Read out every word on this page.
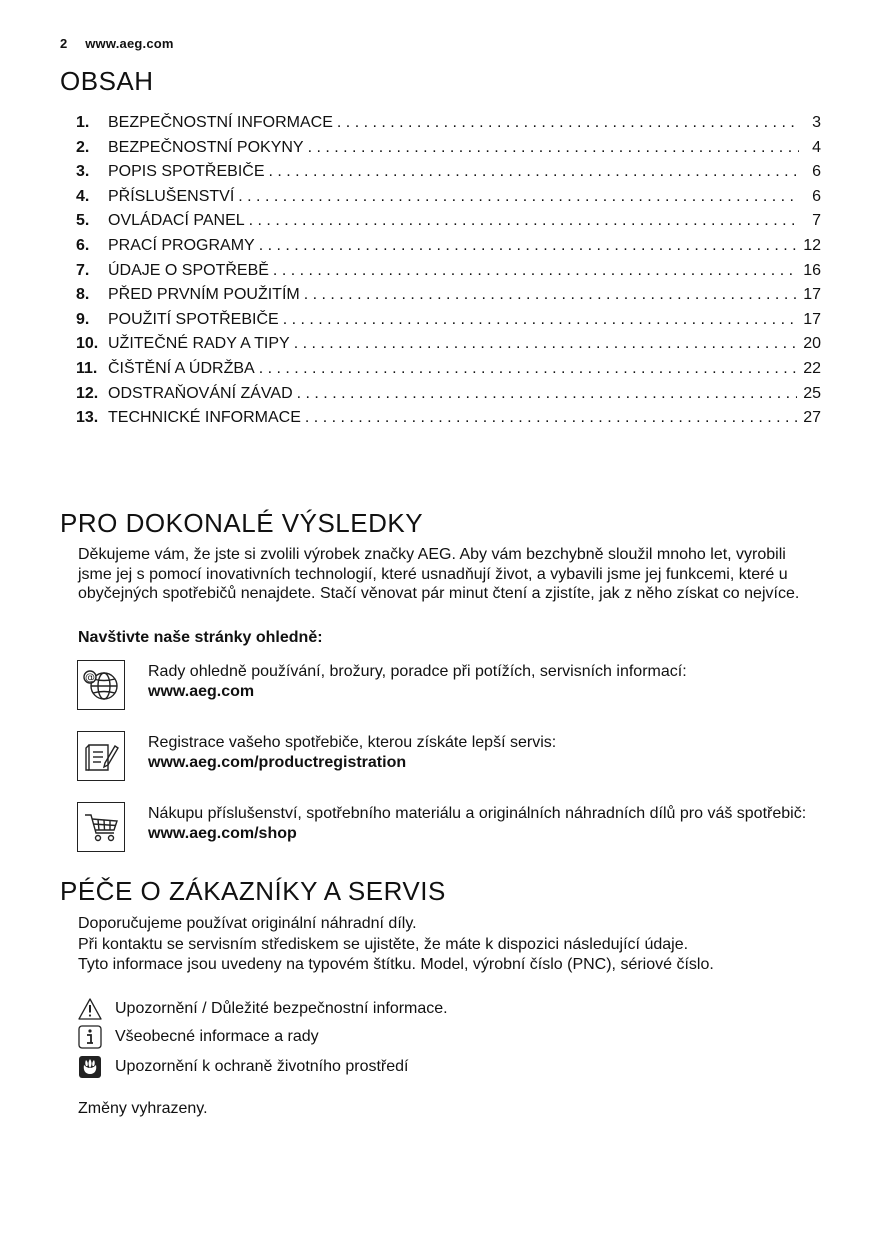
2 www.aeg.com
OBSAH
1.	BEZPEČNOSTNÍ INFORMACE . . .	3
2.	BEZPEČNOSTNÍ POKYNY . . .	4
3.	POPIS SPOTŘEBIČE . . .	6
4.	PŘÍSLUŠENSTVÍ . . .	6
5.	OVLÁDACÍ PANEL . . .	7
6.	PRACÍ PROGRAMY . . .	12
7.	ÚDAJE O SPOTŘEBĚ . . .	16
8.	PŘED PRVNÍM POUŽITÍM . . .	17
9.	POUŽITÍ SPOTŘEBIČE . . .	17
10. UŽITEČNÉ RADY A TIPY . . .	20
11. ČIŠTĚNÍ A ÚDRŽBA . . .	22
12. ODSTRAŇOVÁNÍ ZÁVAD . . .	25
13. TECHNICKÉ INFORMACE . . .	27
PRO DOKONALÉ VÝSLEDKY
Děkujeme vám, že jste si zvolili výrobek značky AEG. Aby vám bezchybně sloužil mnoho let, vyrobili jsme jej s pomocí inovativních technologií, které usnadňují život, a vybavili jsme jej funkcemi, které u obyčejných spotřebičů nenajdete. Stačí věnovat pár minut čtení a zjistíte, jak z něho získat co nejvíce.
Navštivte naše stránky ohledně:
@	Rady ohledně používání, brožury, poradce při potížích, servisních informací:
www.aeg.com
Registrace vašeho spotřebiče, kterou získáte lepší servis:
www.aeg.com/productregistration
Nákupu příslušenství, spotřebního materiálu a originálních náhradních dílů pro váš spotřebič:
www.aeg.com/shop
PÉČE O ZÁKAZNÍKY A SERVIS
Doporučujeme používat originální náhradní díly.
Při kontaktu se servisním střediskem se ujistěte, že máte k dispozici následující údaje.
Tyto informace jsou uvedeny na typovém štítku. Model, výrobní číslo (PNC), sériové číslo.
Upozornění / Důležité bezpečnostní informace.
Všeobecné informace a rady
Upozornění k ochraně životního prostředí
Změny vyhrazeny.
